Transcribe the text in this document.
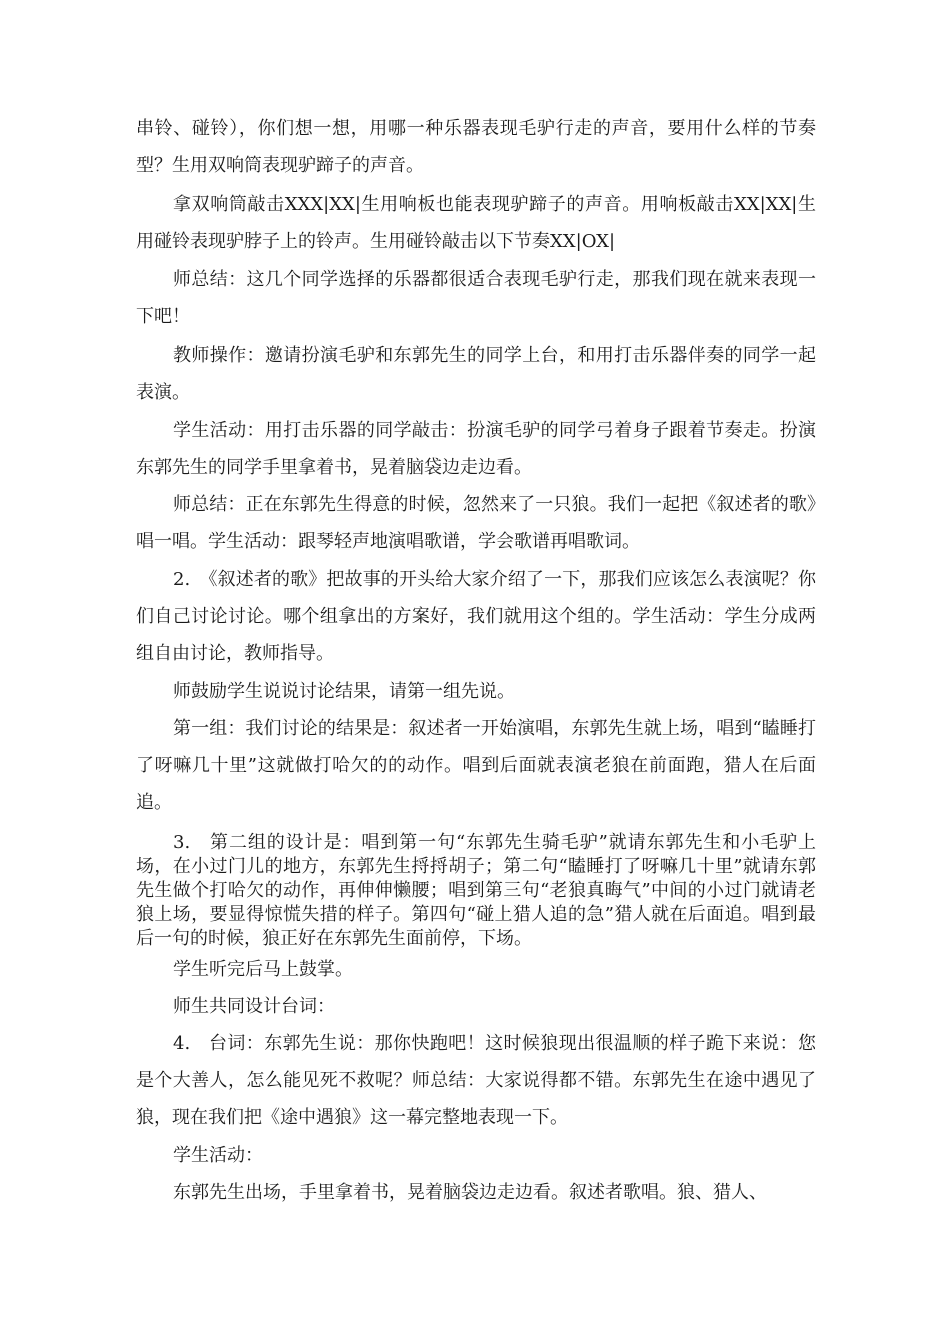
串铃、碰铃），你们想一想，用哪一种乐器表现毛驴行走的声音，要用什么样的节奏型？生用双响筒表现驴蹄子的声音。

拿双响筒敲击XXX|XX|生用响板也能表现驴蹄子的声音。用响板敲击XX|XX|生用碰铃表现驴脖子上的铃声。生用碰铃敲击以下节奏XX|OX|

师总结：这几个同学选择的乐器都很适合表现毛驴行走，那我们现在就来表现一下吧！

教师操作：邀请扮演毛驴和东郭先生的同学上台，和用打击乐器伴奏的同学一起表演。

学生活动：用打击乐器的同学敲击：扮演毛驴的同学弓着身子跟着节奏走。扮演东郭先生的同学手里拿着书，晃着脑袋边走边看。

师总结：正在东郭先生得意的时候，忽然来了一只狼。我们一起把《叙述者的歌》唱一唱。学生活动：跟琴轻声地演唱歌谱，学会歌谱再唱歌词。

2.　《叙述者的歌》把故事的开头给大家介绍了一下，那我们应该怎么表演呢？你们自己讨论讨论。哪个组拿出的方案好，我们就用这个组的。学生活动：学生分成两组自由讨论，教师指导。

师鼓励学生说说讨论结果，请第一组先说。

第一组：我们讨论的结果是：叙述者一开始演唱，东郭先生就上场，唱到“瞌睡打了呀嘛几十里”这就做打哈欠的的动作。唱到后面就表演老狼在前面跑，猎人在后面追。

3.　第二组的设计是：唱到第一句“东郭先生骑毛驴”就请东郭先生和小毛驴上场，在小过门儿的地方，东郭先生捋捋胡子；第二句“瞌睡打了呀嘛几十里”就请东郭先生做个打哈欠的动作，再伸伸懒腰；唱到第三句“老狼真晦气”中间的小过门就请老狼上场，要显得惊慌失措的样子。第四句“碰上猎人追的急”猎人就在后面追。唱到最后一句的时候，狼正好在东郭先生面前停，下场。

学生听完后马上鼓掌。

师生共同设计台词：

4.　台词：东郭先生说：那你快跑吧！这时候狼现出很温顺的样子跪下来说：您是个大善人，怎么能见死不救呢？师总结：大家说得都不错。东郭先生在途中遇见了狼，现在我们把《途中遇狼》这一幕完整地表现一下。

学生活动：

东郭先生出场，手里拿着书，晃着脑袋边走边看。叙述者歌唱。狼、猎人、
